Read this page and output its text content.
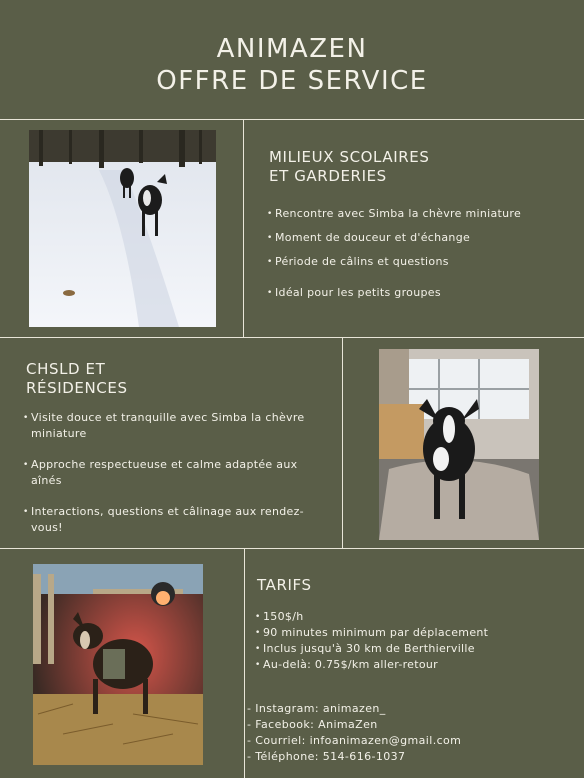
ANIMAZEN
OFFRE DE SERVICE
MILIEUX SCOLAIRES
ET GARDERIES
• Rencontre avec Simba la chèvre miniature
• Moment de douceur et d'échange
• Période de câlins et questions
• Idéal pour les petits groupes
CHSLD ET
RÉSIDENCES
• Visite douce et tranquille avec Simba la chèvre miniature
• Approche respectueuse et calme adaptée aux aînés
• Interactions, questions et câlinage aux rendez-vous!
TARIFS
• 150$/h
• 90 minutes minimum par déplacement
• Inclus jusqu'à 30 km de Berthierville
• Au-delà: 0.75$/km aller-retour
- Instagram: animazen_
- Facebook: AnimaZen
- Courriel: infoanimazen@gmail.com
- Téléphone: 514-616-1037
